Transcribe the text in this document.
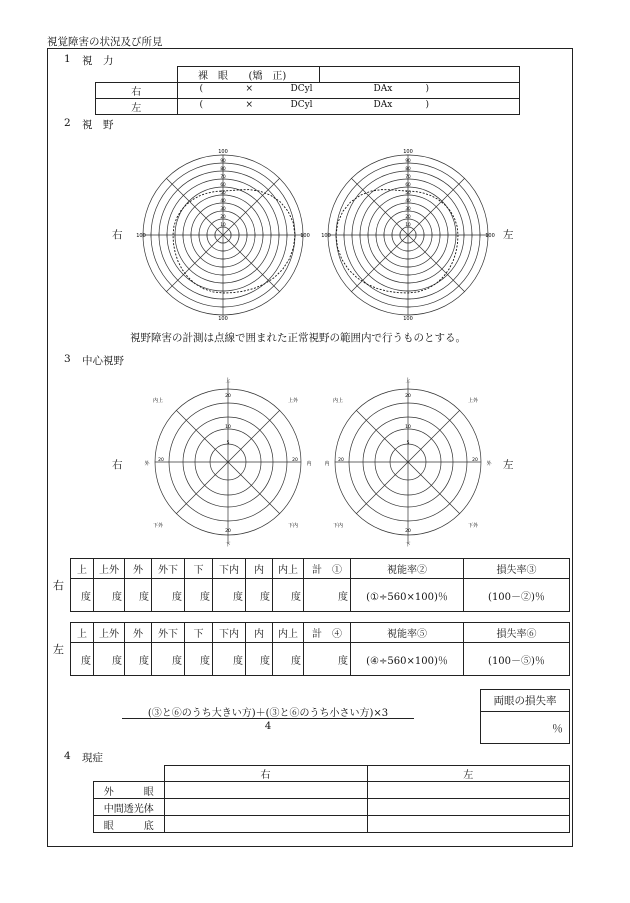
視覚障害の状況及び所見
1 視　力
	裸　眼	(矯　正)	
右	( × DCyl DAx )		

左	( × DCyl DAx )		
2 視　野
右	左
100
100
100	100
90
80
70
60
50
40
30
20
10
100
100
100	100
90
80
70
60
50
40
30
20
10
視野障害の計測は点線で囲まれた正常視野の範囲内で行うものとする。
3 中心視野
右	左
上
下
外	内
内上	上外
下外	下内
20
10
5
20	20
20
上
下
内	外
内上	上外
下内	下外
20
10
5
20	20
20
右
上	上外	外	外下	下	下内	内	内上	計　①	視能率②	損失率③
度	度	度	度	度	度	度	度	度	(①÷560×100)％	(100－②)％
左
上	上外	外	外下	下	下内	内	内上	計　④	視能率⑤	損失率⑥
度	度	度	度	度	度	度	度	度	(④÷560×100)％	(100－⑤)％
(③と⑥のうち大きい方)＋(③と⑥のうち小さい方)×3
4
両眼の損失率
％
4 現症
	右	左
外　　　眼		
中間透光体		
眼　　　底		
